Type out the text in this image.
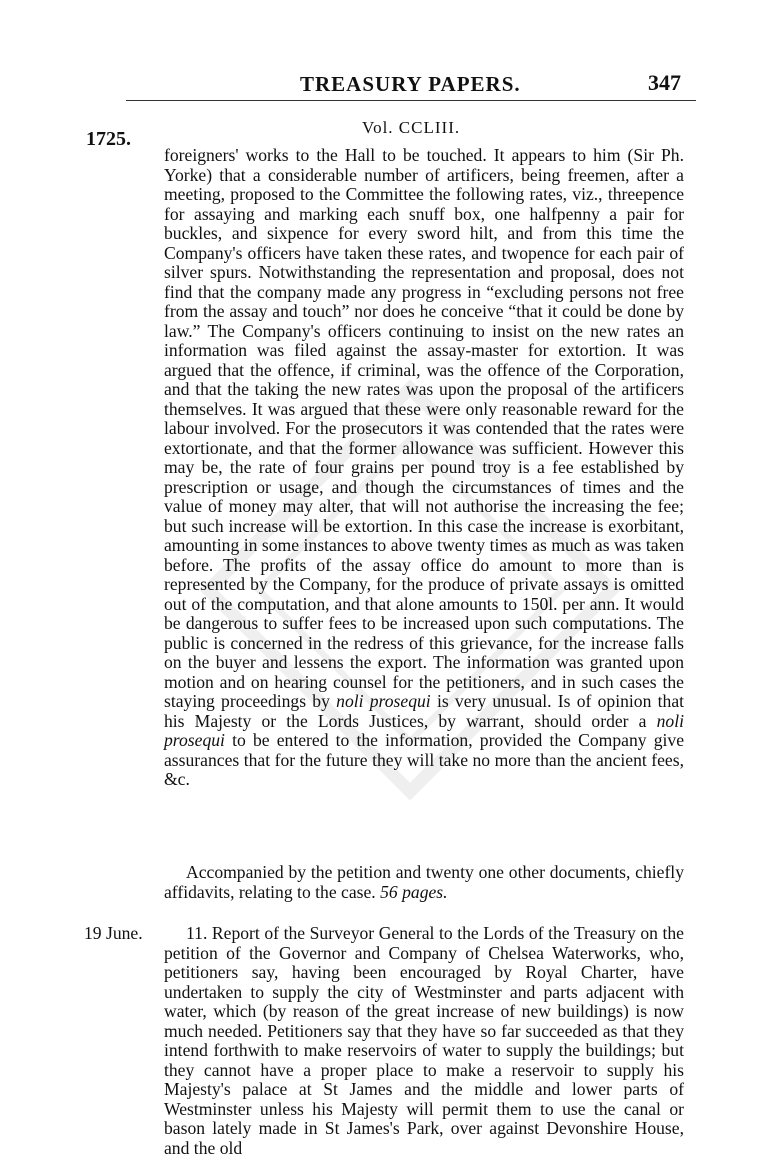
TREASURY PAPERS.	347
1725.
Vol. CCLIII.

foreigners' works to the Hall to be touched. It appears to him (Sir Ph. Yorke) that a considerable number of artificers, being freemen, after a meeting, proposed to the Committee the following rates, viz., threepence for assaying and marking each snuff box, one halfpenny a pair for buckles, and sixpence for every sword hilt, and from this time the Company's officers have taken these rates, and twopence for each pair of silver spurs. Notwithstanding the representation and proposal, does not find that the company made any progress in “excluding persons not free from the assay and touch” nor does he conceive “that it could be done by law.” The Company's officers continuing to insist on the new rates an information was filed against the assay-master for extortion. It was argued that the offence, if criminal, was the offence of the Corporation, and that the taking the new rates was upon the proposal of the artificers themselves. It was argued that these were only reasonable reward for the labour involved. For the prosecutors it was contended that the rates were extortionate, and that the former allowance was sufficient. However this may be, the rate of four grains per pound troy is a fee established by prescription or usage, and though the circumstances of times and the value of money may alter, that will not authorise the increasing the fee; but such increase will be extortion. In this case the increase is exorbitant, amounting in some instances to above twenty times as much as was taken before. The profits of the assay office do amount to more than is represented by the Company, for the produce of private assays is omitted out of the computation, and that alone amounts to 150l. per ann. It would be dangerous to suffer fees to be increased upon such computations. The public is concerned in the redress of this grievance, for the increase falls on the buyer and lessens the export. The information was granted upon motion and on hearing counsel for the petitioners, and in such cases the staying proceedings by noli prosequi is very unusual. Is of opinion that his Majesty or the Lords Justices, by warrant, should order a noli prosequi to be entered to the information, provided the Company give assurances that for the future they will take no more than the ancient fees, &c.

Accompanied by the petition and twenty one other documents, chiefly affidavits, relating to the case. 56 pages.

19 June.	11. Report of the Surveyor General to the Lords of the Treasury on the petition of the Governor and Company of Chelsea Waterworks, who, petitioners say, having been encouraged by Royal Charter, have undertaken to supply the city of Westminster and parts adjacent with water, which (by reason of the great increase of new buildings) is now much needed. Petitioners say that they have so far succeeded as that they intend forthwith to make reservoirs of water to supply the buildings; but they cannot have a proper place to make a reservoir to supply his Majesty's palace at St James and the middle and lower parts of Westminster unless his Majesty will permit them to use the canal or bason lately made in St James's Park, over against Devonshire House, and the old
